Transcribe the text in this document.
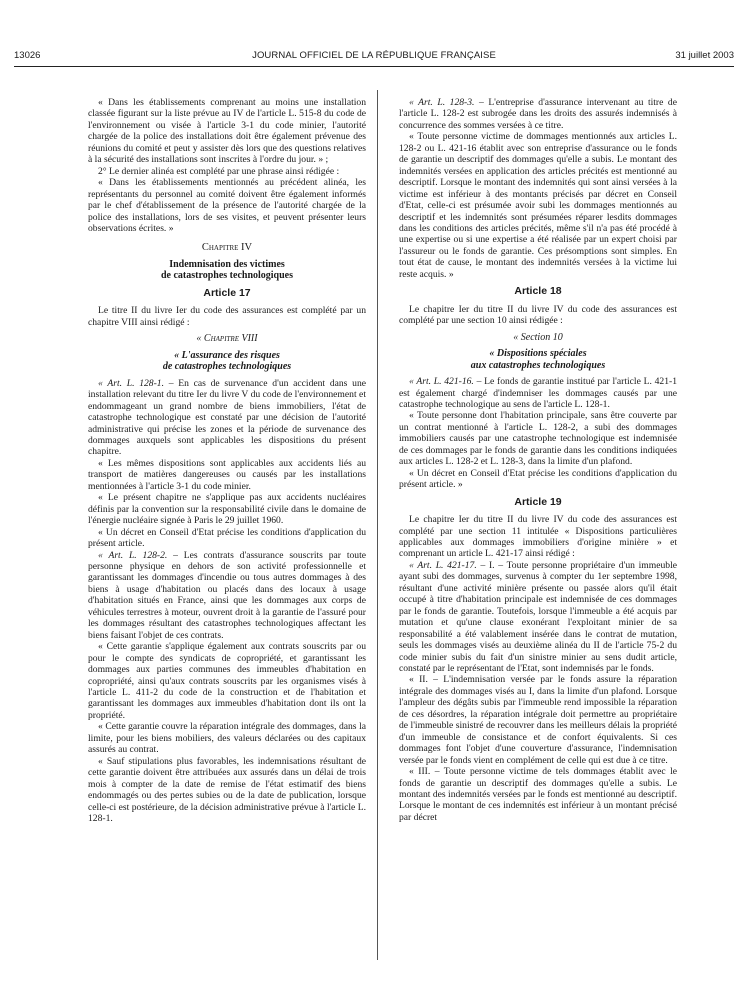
13026	JOURNAL OFFICIEL DE LA RÉPUBLIQUE FRANÇAISE	31 juillet 2003

« Dans les établissements comprenant au moins une installation classée figurant sur la liste prévue au IV de l'article L. 515-8 du code de l'environnement ou visée à l'article 3-1 du code minier, l'autorité chargée de la police des installations doit être également prévenue des réunions du comité et peut y assister dès lors que des questions relatives à la sécurité des installations sont inscrites à l'ordre du jour. » ;

2° Le dernier alinéa est complété par une phrase ainsi rédigée :

« Dans les établissements mentionnés au précédent alinéa, les représentants du personnel au comité doivent être également informés par le chef d'établissement de la présence de l'autorité chargée de la police des installations, lors de ses visites, et peuvent présenter leurs observations écrites. »

Chapitre IV
Indemnisation des victimes
de catastrophes technologiques
Article 17

Le titre II du livre Ier du code des assurances est complété par un chapitre VIII ainsi rédigé :

« Chapitre VIII
« L'assurance des risques
de catastrophes technologiques

« Art. L. 128-1. – En cas de survenance d'un accident dans une installation relevant du titre Ier du livre V du code de l'environnement et endommageant un grand nombre de biens immobiliers, l'état de catastrophe technologique est constaté par une décision de l'autorité administrative qui précise les zones et la période de survenance des dommages auxquels sont applicables les dispositions du présent chapitre.

« Les mêmes dispositions sont applicables aux accidents liés au transport de matières dangereuses ou causés par les installations mentionnées à l'article 3-1 du code minier.

« Le présent chapitre ne s'applique pas aux accidents nucléaires définis par la convention sur la responsabilité civile dans le domaine de l'énergie nucléaire signée à Paris le 29 juillet 1960.

« Un décret en Conseil d'Etat précise les conditions d'application du présent article.

« Art. L. 128-2. – Les contrats d'assurance souscrits par toute personne physique en dehors de son activité professionnelle et garantissant les dommages d'incendie ou tous autres dommages à des biens à usage d'habitation ou placés dans des locaux à usage d'habitation situés en France, ainsi que les dommages aux corps de véhicules terrestres à moteur, ouvrent droit à la garantie de l'assuré pour les dommages résultant des catastrophes technologiques affectant les biens faisant l'objet de ces contrats.

« Cette garantie s'applique également aux contrats souscrits par ou pour le compte des syndicats de copropriété, et garantissant les dommages aux parties communes des immeubles d'habitation en copropriété, ainsi qu'aux contrats souscrits par les organismes visés à l'article L. 411-2 du code de la construction et de l'habitation et garantissant les dommages aux immeubles d'habitation dont ils ont la propriété.

« Cette garantie couvre la réparation intégrale des dommages, dans la limite, pour les biens mobiliers, des valeurs déclarées ou des capitaux assurés au contrat.

« Sauf stipulations plus favorables, les indemnisations résultant de cette garantie doivent être attribuées aux assurés dans un délai de trois mois à compter de la date de remise de l'état estimatif des biens endommagés ou des pertes subies ou de la date de publication, lorsque celle-ci est postérieure, de la décision administrative prévue à l'article L. 128-1.

« Art. L. 128-3. – L'entreprise d'assurance intervenant au titre de l'article L. 128-2 est subrogée dans les droits des assurés indemnisés à concurrence des sommes versées à ce titre.

« Toute personne victime de dommages mentionnés aux articles L. 128-2 ou L. 421-16 établit avec son entreprise d'assurance ou le fonds de garantie un descriptif des dommages qu'elle a subis. Le montant des indemnités versées en application des articles précités est mentionné au descriptif. Lorsque le montant des indemnités qui sont ainsi versées à la victime est inférieur à des montants précisés par décret en Conseil d'Etat, celle-ci est présumée avoir subi les dommages mentionnés au descriptif et les indemnités sont présumées réparer lesdits dommages dans les conditions des articles précités, même s'il n'a pas été procédé à une expertise ou si une expertise a été réalisée par un expert choisi par l'assureur ou le fonds de garantie. Ces présomptions sont simples. En tout état de cause, le montant des indemnités versées à la victime lui reste acquis. »

Article 18

Le chapitre Ier du titre II du livre IV du code des assurances est complété par une section 10 ainsi rédigée :

« Section 10
« Dispositions spéciales
aux catastrophes technologiques

« Art. L. 421-16. – Le fonds de garantie institué par l'article L. 421-1 est également chargé d'indemniser les dommages causés par une catastrophe technologique au sens de l'article L. 128-1.

« Toute personne dont l'habitation principale, sans être couverte par un contrat mentionné à l'article L. 128-2, a subi des dommages immobiliers causés par une catastrophe technologique est indemnisée de ces dommages par le fonds de garantie dans les conditions indiquées aux articles L. 128-2 et L. 128-3, dans la limite d'un plafond.

« Un décret en Conseil d'Etat précise les conditions d'application du présent article. »

Article 19

Le chapitre Ier du titre II du livre IV du code des assurances est complété par une section 11 intitulée « Dispositions particulières applicables aux dommages immobiliers d'origine minière » et comprenant un article L. 421-17 ainsi rédigé :

« Art. L. 421-17. – I. – Toute personne propriétaire d'un immeuble ayant subi des dommages, survenus à compter du 1er septembre 1998, résultant d'une activité minière présente ou passée alors qu'il était occupé à titre d'habitation principale est indemnisée de ces dommages par le fonds de garantie. Toutefois, lorsque l'immeuble a été acquis par mutation et qu'une clause exonérant l'exploitant minier de sa responsabilité a été valablement insérée dans le contrat de mutation, seuls les dommages visés au deuxième alinéa du II de l'article 75-2 du code minier subis du fait d'un sinistre minier au sens dudit article, constaté par le représentant de l'Etat, sont indemnisés par le fonds.

« II. – L'indemnisation versée par le fonds assure la réparation intégrale des dommages visés au I, dans la limite d'un plafond. Lorsque l'ampleur des dégâts subis par l'immeuble rend impossible la réparation de ces désordres, la réparation intégrale doit permettre au propriétaire de l'immeuble sinistré de recouvrer dans les meilleurs délais la propriété d'un immeuble de consistance et de confort équivalents. Si ces dommages font l'objet d'une couverture d'assurance, l'indemnisation versée par le fonds vient en complément de celle qui est due à ce titre.

« III. – Toute personne victime de tels dommages établit avec le fonds de garantie un descriptif des dommages qu'elle a subis. Le montant des indemnités versées par le fonds est mentionné au descriptif. Lorsque le montant de ces indemnités est inférieur à un montant précisé par décret
